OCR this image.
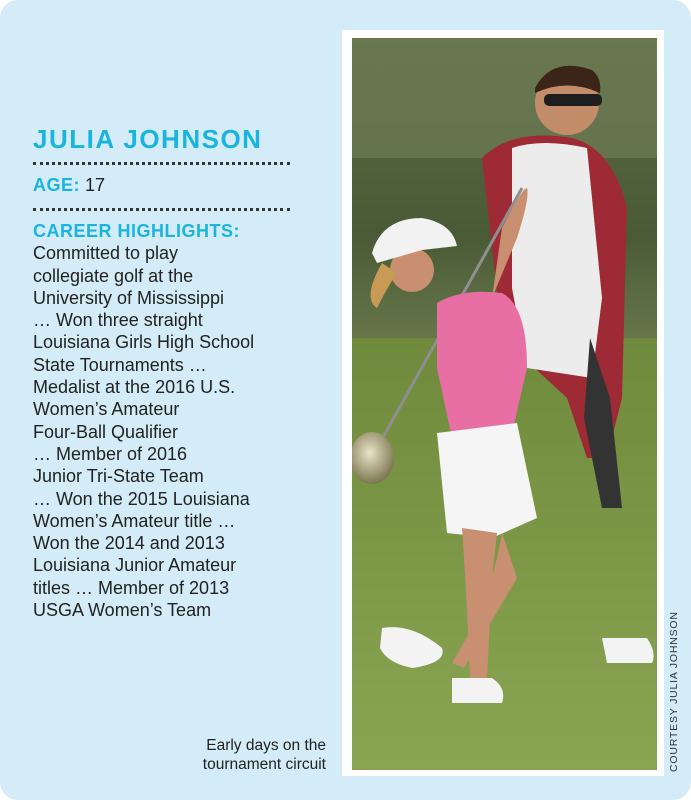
JULIA JOHNSON
AGE: 17
CAREER HIGHLIGHTS:
Committed to play
collegiate golf at the
University of Mississippi
… Won three straight
Louisiana Girls High School
State Tournaments …
Medalist at the 2016 U.S.
Women’s Amateur
Four-Ball Qualifier
… Member of 2016
Junior Tri-State Team
… Won the 2015 Louisiana
Women’s Amateur title …
Won the 2014 and 2013
Louisiana Junior Amateur
titles … Member of 2013
USGA Women’s Team
Early days on the
tournament circuit	COURTESY JULIA JOHNSON
